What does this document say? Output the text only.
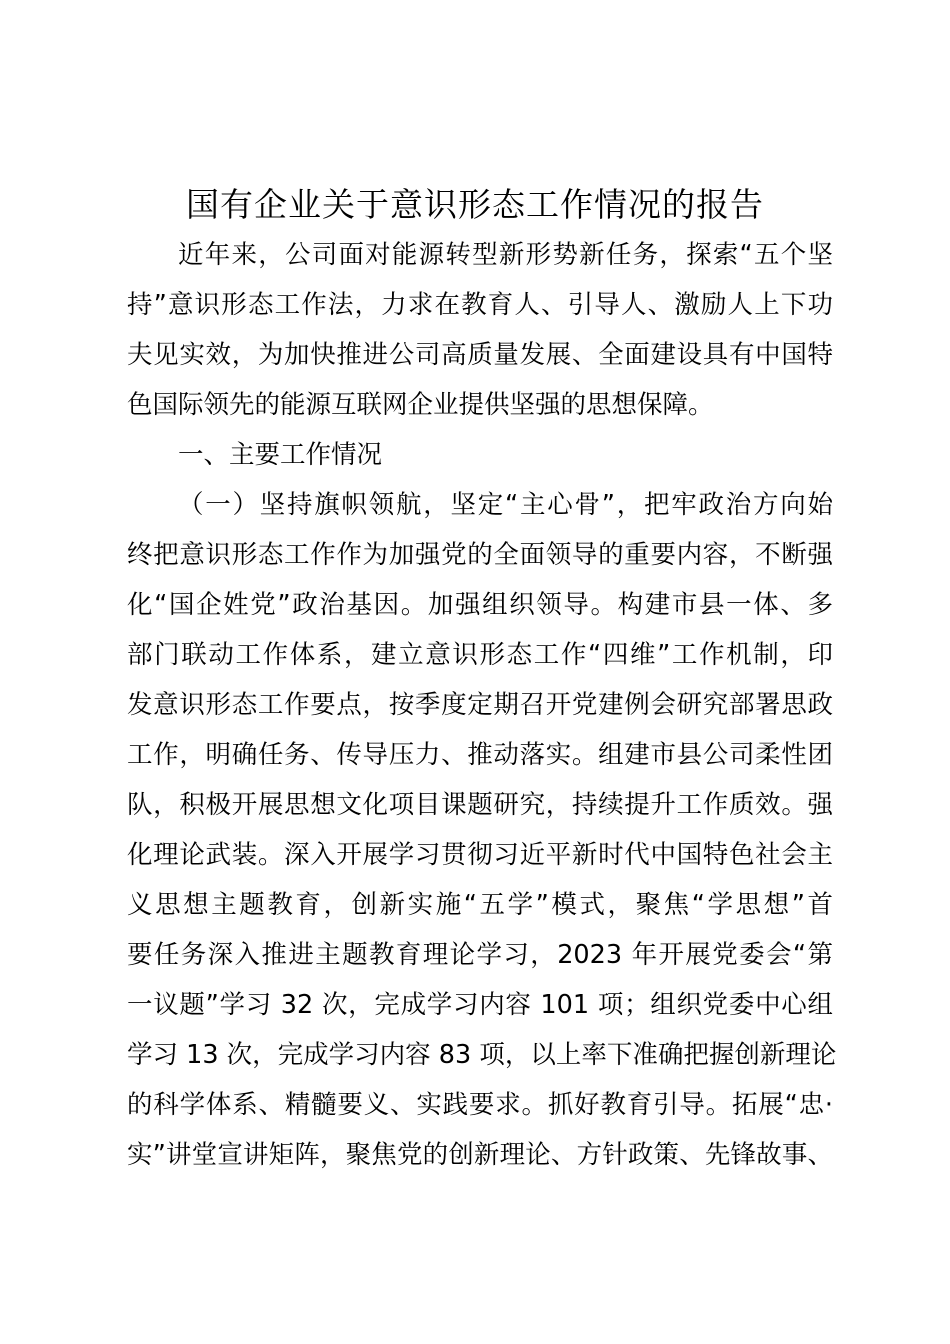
国有企业关于意识形态工作情况的报告
近年来，公司面对能源转型新形势新任务，探索“五个坚
持”意识形态工作法，力求在教育人、引导人、激励人上下功
夫见实效，为加快推进公司高质量发展、全面建设具有中国特
色国际领先的能源互联网企业提供坚强的思想保障。
一、主要工作情况
（一）坚持旗帜领航，坚定“主心骨”，把牢政治方向始
终把意识形态工作作为加强党的全面领导的重要内容，不断强
化“国企姓党”政治基因。加强组织领导。构建市县一体、多
部门联动工作体系，建立意识形态工作“四维”工作机制，印
发意识形态工作要点，按季度定期召开党建例会研究部署思政
工作，明确任务、传导压力、推动落实。组建市县公司柔性团
队，积极开展思想文化项目课题研究，持续提升工作质效。强
化理论武装。深入开展学习贯彻习近平新时代中国特色社会主
义思想主题教育，创新实施“五学”模式，聚焦“学思想”首
要任务深入推进主题教育理论学习，2023 年开展党委会“第
一议题”学习 32 次，完成学习内容 101 项；组织党委中心组
学习 13 次，完成学习内容 83 项，以上率下准确把握创新理论
的科学体系、精髓要义、实践要求。抓好教育引导。拓展“忠·
实”讲堂宣讲矩阵，聚焦党的创新理论、方针政策、先锋故事、
